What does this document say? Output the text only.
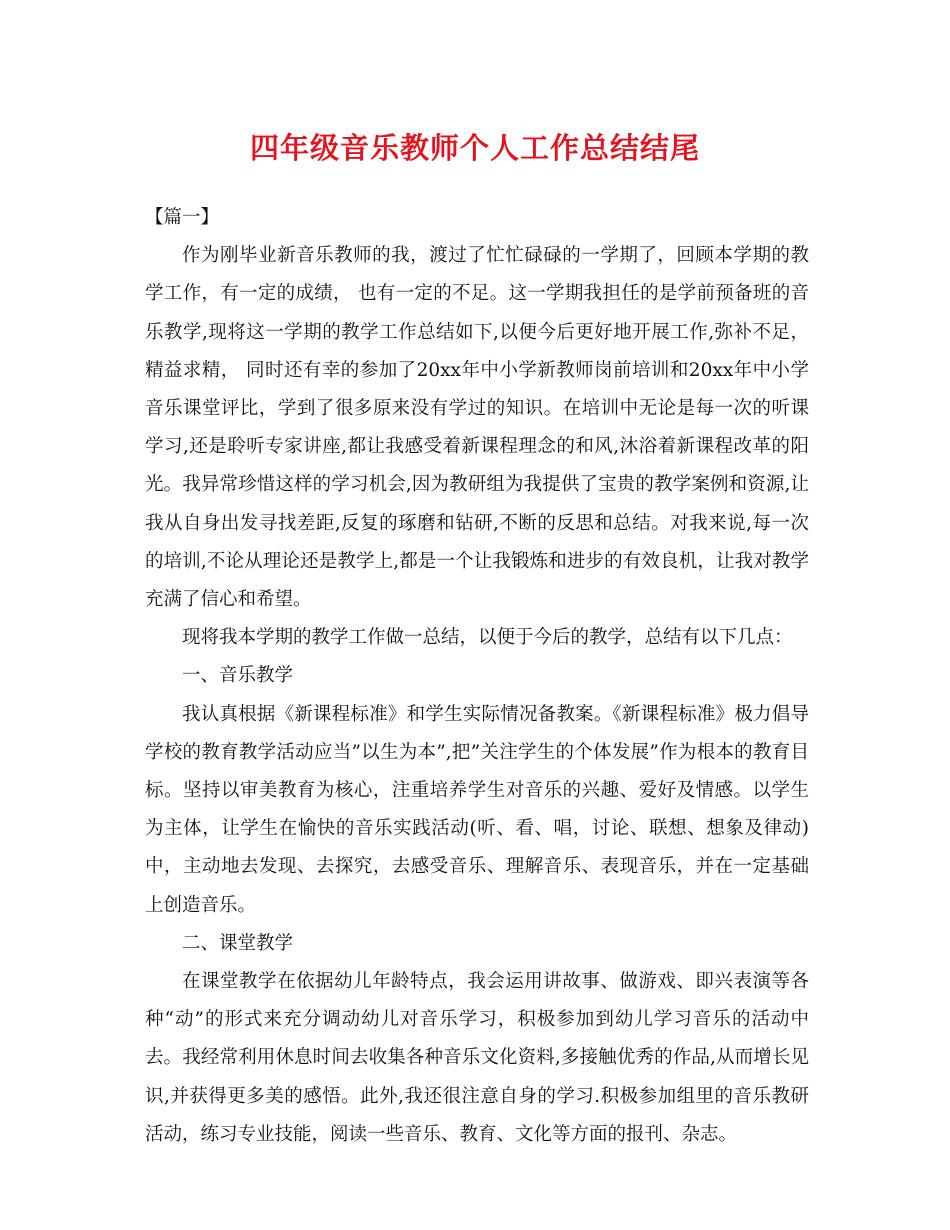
四年级音乐教师个人工作总结结尾

【篇一】

作为刚毕业新音乐教师的我，渡过了忙忙碌碌的一学期了，回顾本学期的教学工作，有一定的成绩， 也有一定的不足。这一学期我担任的是学前预备班的音乐教学,现将这一学期的教学工作总结如下,以便今后更好地开展工作,弥补不足，精益求精， 同时还有幸的参加了20xx年中小学新教师岗前培训和20xx年中小学音乐课堂评比，学到了很多原来没有学过的知识。在培训中无论是每一次的听课学习,还是聆听专家讲座,都让我感受着新课程理念的和风,沐浴着新课程改革的阳光。我异常珍惜这样的学习机会,因为教研组为我提供了宝贵的教学案例和资源,让我从自身出发寻找差距,反复的琢磨和钻研,不断的反思和总结。对我来说,每一次的培训,不论从理论还是教学上,都是一个让我锻炼和进步的有效良机，让我对教学充满了信心和希望。

现将我本学期的教学工作做一总结，以便于今后的教学，总结有以下几点：

一、音乐教学

我认真根据《新课程标准》和学生实际情况备教案。《新课程标准》极力倡导学校的教育教学活动应当”以生为本”,把”关注学生的个体发展”作为根本的教育目标。坚持以审美教育为核心，注重培养学生对音乐的兴趣、爱好及情感。以学生为主体，让学生在愉快的音乐实践活动(听、看、唱，讨论、联想、想象及律动)中，主动地去发现、去探究，去感受音乐、理解音乐、表现音乐，并在一定基础上创造音乐。

二、课堂教学

在课堂教学在依据幼儿年龄特点，我会运用讲故事、做游戏、即兴表演等各种“动”的形式来充分调动幼儿对音乐学习，积极参加到幼儿学习音乐的活动中去。我经常利用休息时间去收集各种音乐文化资料,多接触优秀的作品,从而增长见识,并获得更多美的感悟。此外,我还很注意自身的学习.积极参加组里的音乐教研活动，练习专业技能，阅读一些音乐、教育、文化等方面的报刊、杂志。
